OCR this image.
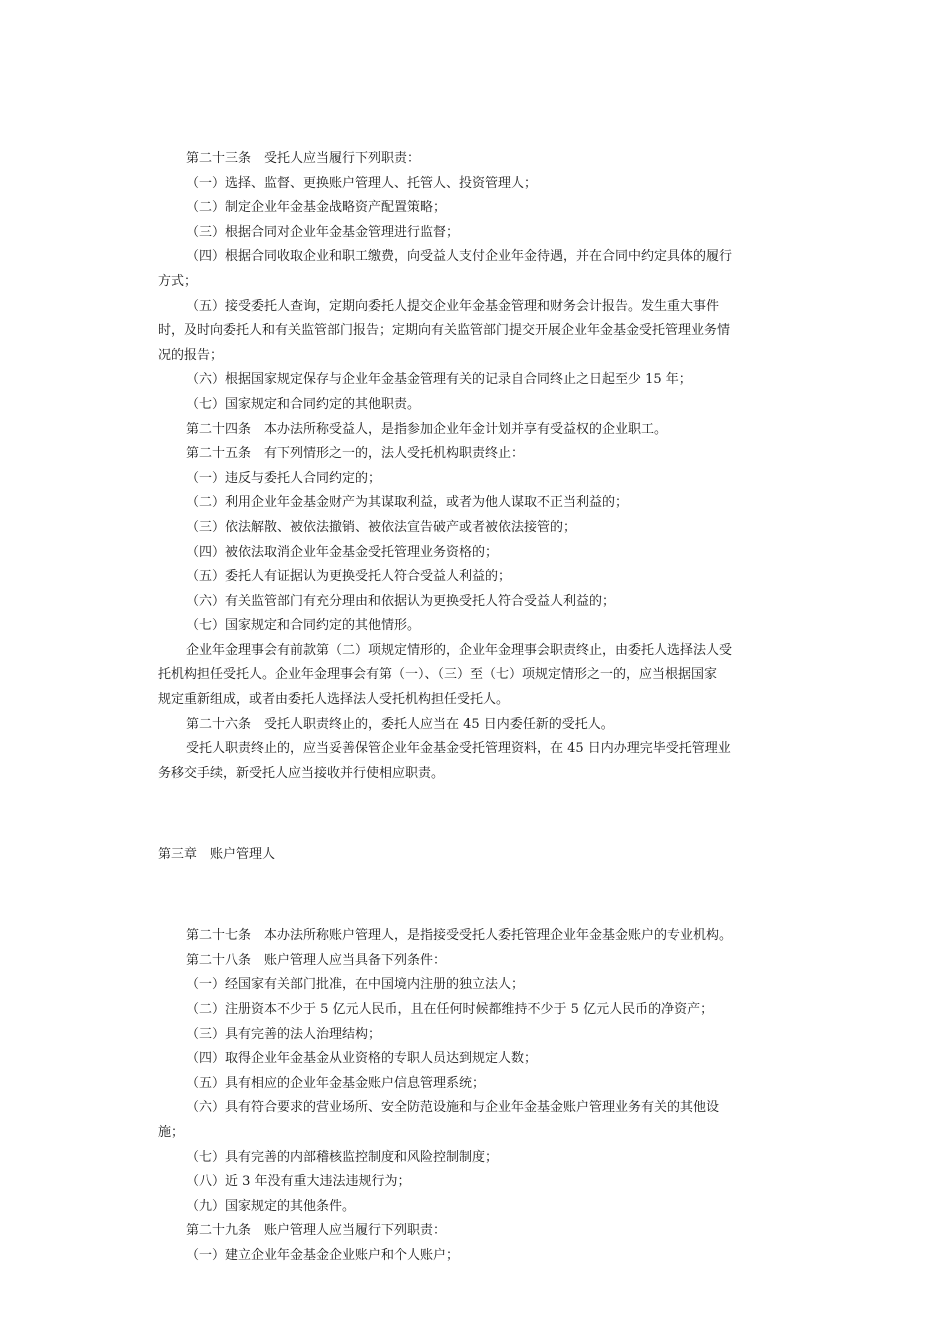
第二十三条　受托人应当履行下列职责：

（一）选择、监督、更换账户管理人、托管人、投资管理人；

（二）制定企业年金基金战略资产配置策略；

（三）根据合同对企业年金基金管理进行监督；

（四）根据合同收取企业和职工缴费，向受益人支付企业年金待遇，并在合同中约定具体的履行

方式；

（五）接受委托人查询，定期向委托人提交企业年金基金管理和财务会计报告。发生重大事件

时，及时向委托人和有关监管部门报告；定期向有关监管部门提交开展企业年金基金受托管理业务情

况的报告；

（六）根据国家规定保存与企业年金基金管理有关的记录自合同终止之日起至少 15 年；

（七）国家规定和合同约定的其他职责。

第二十四条　本办法所称受益人，是指参加企业年金计划并享有受益权的企业职工。

第二十五条　有下列情形之一的，法人受托机构职责终止：

（一）违反与委托人合同约定的；

（二）利用企业年金基金财产为其谋取利益，或者为他人谋取不正当利益的；

（三）依法解散、被依法撤销、被依法宣告破产或者被依法接管的；

（四）被依法取消企业年金基金受托管理业务资格的；

（五）委托人有证据认为更换受托人符合受益人利益的；

（六）有关监管部门有充分理由和依据认为更换受托人符合受益人利益的；

（七）国家规定和合同约定的其他情形。

企业年金理事会有前款第（二）项规定情形的，企业年金理事会职责终止，由委托人选择法人受

托机构担任受托人。企业年金理事会有第（一）、（三）至（七）项规定情形之一的，应当根据国家

规定重新组成，或者由委托人选择法人受托机构担任受托人。

第二十六条　受托人职责终止的，委托人应当在 45 日内委任新的受托人。

受托人职责终止的，应当妥善保管企业年金基金受托管理资料，在 45 日内办理完毕受托管理业

务移交手续，新受托人应当接收并行使相应职责。

第三章　账户管理人

第二十七条　本办法所称账户管理人，是指接受受托人委托管理企业年金基金账户的专业机构。

第二十八条　账户管理人应当具备下列条件：

（一）经国家有关部门批准，在中国境内注册的独立法人；

（二）注册资本不少于 5 亿元人民币，且在任何时候都维持不少于 5 亿元人民币的净资产；

（三）具有完善的法人治理结构；

（四）取得企业年金基金从业资格的专职人员达到规定人数；

（五）具有相应的企业年金基金账户信息管理系统；

（六）具有符合要求的营业场所、安全防范设施和与企业年金基金账户管理业务有关的其他设

施；

（七）具有完善的内部稽核监控制度和风险控制制度；

（八）近 3 年没有重大违法违规行为；

（九）国家规定的其他条件。

第二十九条　账户管理人应当履行下列职责：

（一）建立企业年金基金企业账户和个人账户；
